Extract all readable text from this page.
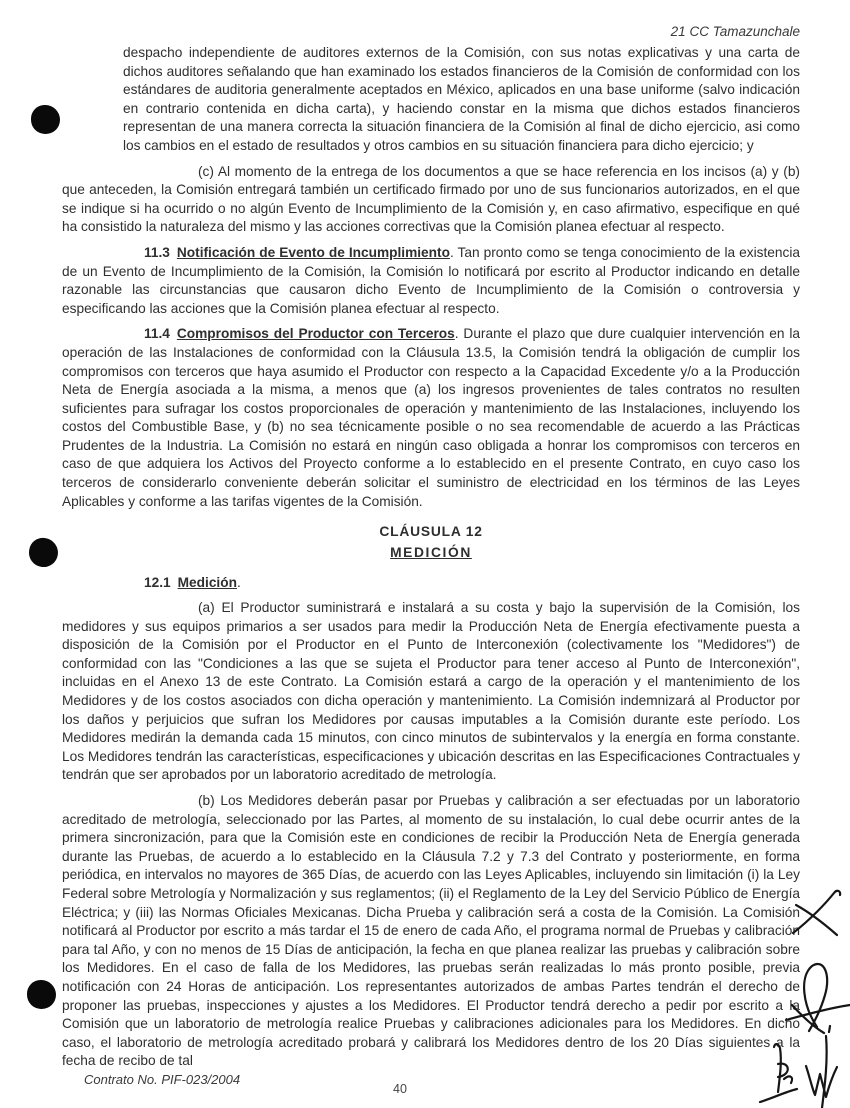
21 CC Tamazunchale

despacho independiente de auditores externos de la Comisión, con sus notas explicativas y una carta de dichos auditores señalando que han examinado los estados financieros de la Comisión de conformidad con los estándares de auditoria generalmente aceptados en México, aplicados en una base uniforme (salvo indicación en contrario contenida en dicha carta), y haciendo constar en la misma que dichos estados financieros representan de una manera correcta la situación financiera de la Comisión al final de dicho ejercicio, asi como los cambios en el estado de resultados y otros cambios en su situación financiera para dicho ejercicio; y

(c) Al momento de la entrega de los documentos a que se hace referencia en los incisos (a) y (b) que anteceden, la Comisión entregará también un certificado firmado por uno de sus funcionarios autorizados, en el que se indique si ha ocurrido o no algún Evento de Incumplimiento de la Comisión y, en caso afirmativo, especifique en qué ha consistido la naturaleza del mismo y las acciones correctivas que la Comisión planea efectuar al respecto.

11.3 Notificación de Evento de Incumplimiento. Tan pronto como se tenga conocimiento de la existencia de un Evento de Incumplimiento de la Comisión, la Comisión lo notificará por escrito al Productor indicando en detalle razonable las circunstancias que causaron dicho Evento de Incumplimiento de la Comisión o controversia y especificando las acciones que la Comisión planea efectuar al respecto.

11.4 Compromisos del Productor con Terceros. Durante el plazo que dure cualquier intervención en la operación de las Instalaciones de conformidad con la Cláusula 13.5, la Comisión tendrá la obligación de cumplir los compromisos con terceros que haya asumido el Productor con respecto a la Capacidad Excedente y/o a la Producción Neta de Energía asociada a la misma, a menos que (a) los ingresos provenientes de tales contratos no resulten suficientes para sufragar los costos proporcionales de operación y mantenimiento de las Instalaciones, incluyendo los costos del Combustible Base, y (b) no sea técnicamente posible o no sea recomendable de acuerdo a las Prácticas Prudentes de la Industria. La Comisión no estará en ningún caso obligada a honrar los compromisos con terceros en caso de que adquiera los Activos del Proyecto conforme a lo establecido en el presente Contrato, en cuyo caso los terceros de considerarlo conveniente deberán solicitar el suministro de electricidad en los términos de las Leyes Aplicables y conforme a las tarifas vigentes de la Comisión.

CLÁUSULA 12
MEDICIÓN

12.1 Medición.

(a) El Productor suministrará e instalará a su costa y bajo la supervisión de la Comisión, los medidores y sus equipos primarios a ser usados para medir la Producción Neta de Energía efectivamente puesta a disposición de la Comisión por el Productor en el Punto de Interconexión (colectivamente los "Medidores") de conformidad con las "Condiciones a las que se sujeta el Productor para tener acceso al Punto de Interconexión", incluidas en el Anexo 13 de este Contrato. La Comisión estará a cargo de la operación y el mantenimiento de los Medidores y de los costos asociados con dicha operación y mantenimiento. La Comisión indemnizará al Productor por los daños y perjuicios que sufran los Medidores por causas imputables a la Comisión durante este período. Los Medidores medirán la demanda cada 15 minutos, con cinco minutos de subintervalos y la energía en forma constante. Los Medidores tendrán las características, especificaciones y ubicación descritas en las Especificaciones Contractuales y tendrán que ser aprobados por un laboratorio acreditado de metrología.

(b) Los Medidores deberán pasar por Pruebas y calibración a ser efectuadas por un laboratorio acreditado de metrología, seleccionado por las Partes, al momento de su instalación, lo cual debe ocurrir antes de la primera sincronización, para que la Comisión este en condiciones de recibir la Producción Neta de Energía generada durante las Pruebas, de acuerdo a lo establecido en la Cláusula 7.2 y 7.3 del Contrato y posteriormente, en forma periódica, en intervalos no mayores de 365 Días, de acuerdo con las Leyes Aplicables, incluyendo sin limitación (i) la Ley Federal sobre Metrología y Normalización y sus reglamentos; (ii) el Reglamento de la Ley del Servicio Público de Energía Eléctrica; y (iii) las Normas Oficiales Mexicanas. Dicha Prueba y calibración será a costa de la Comisión. La Comisión notificará al Productor por escrito a más tardar el 15 de enero de cada Año, el programa normal de Pruebas y calibración para tal Año, y con no menos de 15 Días de anticipación, la fecha en que planea realizar las pruebas y calibración sobre los Medidores. En el caso de falla de los Medidores, las pruebas serán realizadas lo más pronto posible, previa notificación con 24 Horas de anticipación. Los representantes autorizados de ambas Partes tendrán el derecho de proponer las pruebas, inspecciones y ajustes a los Medidores. El Productor tendrá derecho a pedir por escrito a la Comisión que un laboratorio de metrología realice Pruebas y calibraciones adicionales para los Medidores. En dicho caso, el laboratorio de metrología acreditado probará y calibrará los Medidores dentro de los 20 Días siguientes a la fecha de recibo de tal

Contrato No. PIF-023/2004
40
